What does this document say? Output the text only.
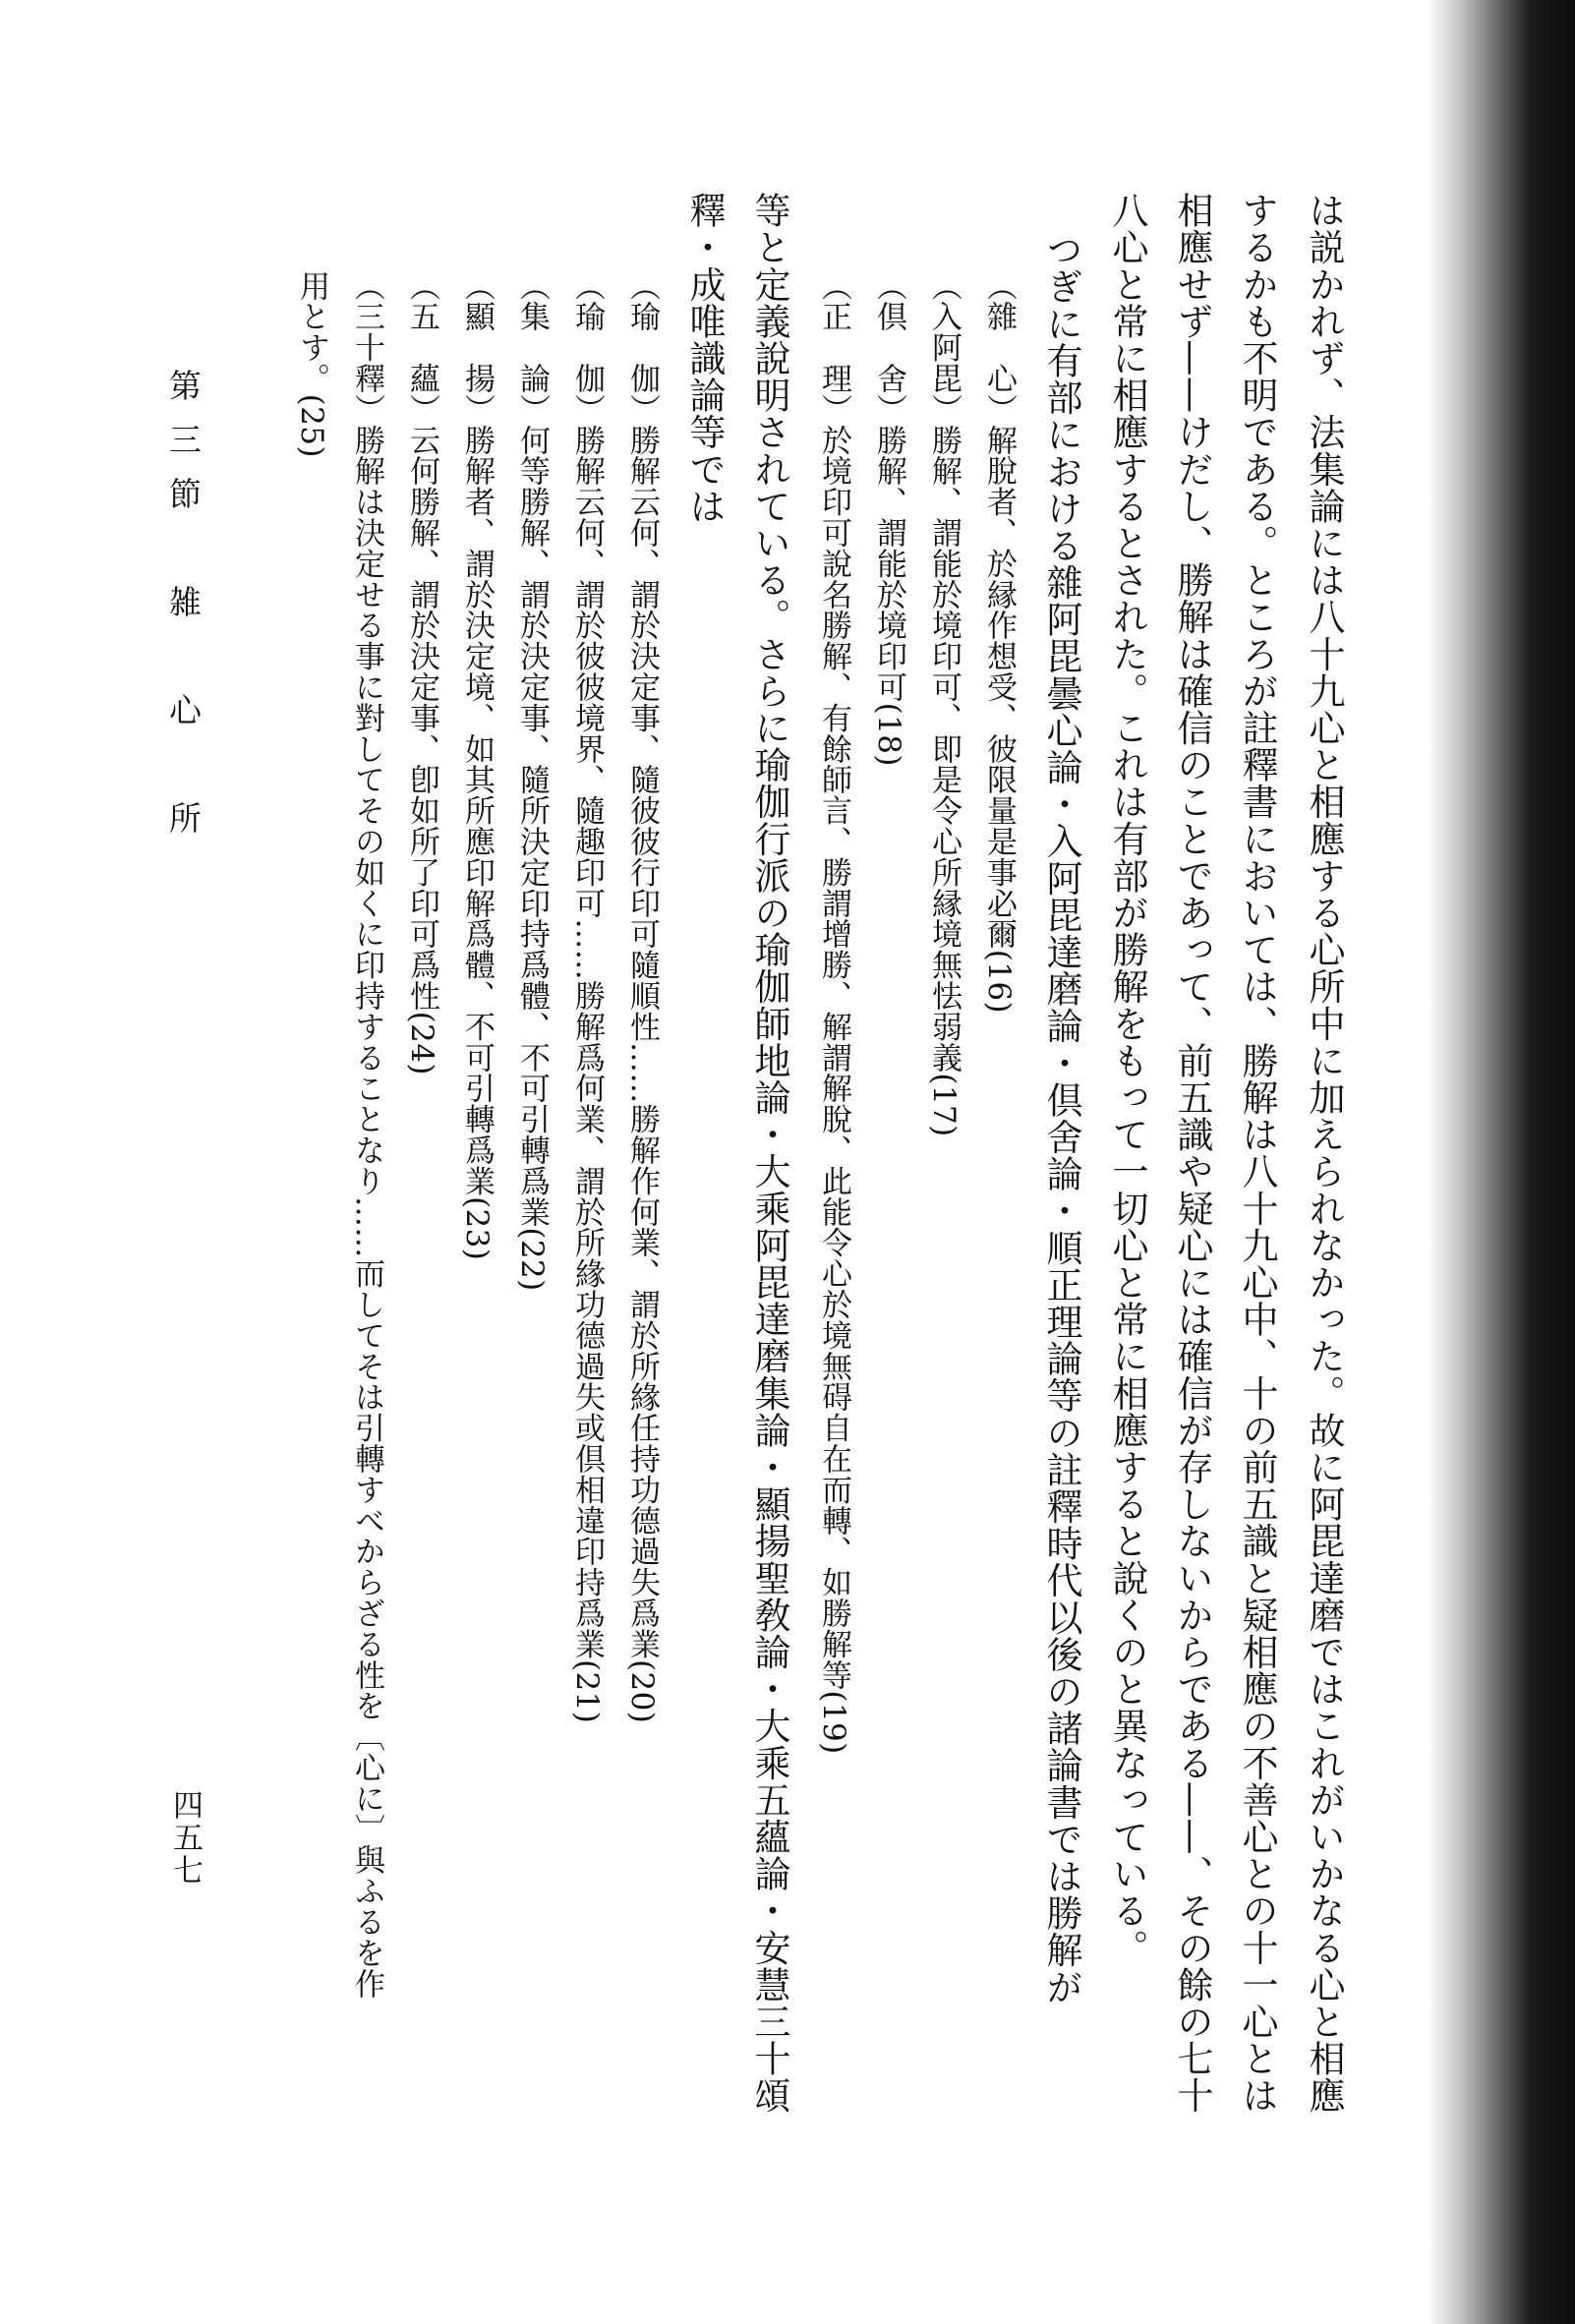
は説かれず、法集論には八十九心と相應する心所中に加えられなかった。故に阿毘達磨ではこれがいかなる心と相應
するかも不明である。ところが註釋書においては、勝解は八十九心中、十の前五識と疑相應の不善心との十一心とは
相應せず——けだし、勝解は確信のことであって、前五識や疑心には確信が存しないからである——、その餘の七十
八心と常に相應するとされた。これは有部が勝解をもって一切心と常に相應すると說くのと異なっている。
つぎに有部における雜阿毘曇心論・入阿毘達磨論・倶舍論・順正理論等の註釋時代以後の諸論書では勝解が
（雜　心）解脫者、於縁作想受、彼限量是事必爾(16)
（入阿毘）勝解、謂能於境印可、即是令心所縁境無怯弱義(17)
（倶　舍）勝解、謂能於境印可(18)
（正　理）於境印可說名勝解、有餘師言、勝謂增勝、解謂解脫、此能令心於境無碍自在而轉、如勝解等(19)
等と定義說明されている。さらに瑜伽行派の瑜伽師地論・大乘阿毘達磨集論・顯揚聖敎論・大乘五蘊論・安慧三十頌
釋・成唯識論等では
（瑜　伽）勝解云何、謂於決定事、隨彼彼行印可隨順性……勝解作何業、謂於所緣任持功德過失爲業(20)
（瑜　伽）勝解云何、謂於彼彼境界、隨趣印可……勝解爲何業、謂於所緣功德過失或倶相違印持爲業(21)
（集　論）何等勝解、謂於決定事、隨所決定印持爲體、不可引轉爲業(22)
（顯　揚）勝解者、謂於決定境、如其所應印解爲體、不可引轉爲業(23)
（五　蘊）云何勝解、謂於決定事、卽如所了印可爲性(24)
（三十釋）勝解は決定せる事に對してその如くに印持することなり……而してそは引轉すべからざる性を〔心に〕與ふるを作
用とす。(25)
第三節　雑　心　所
四五七
